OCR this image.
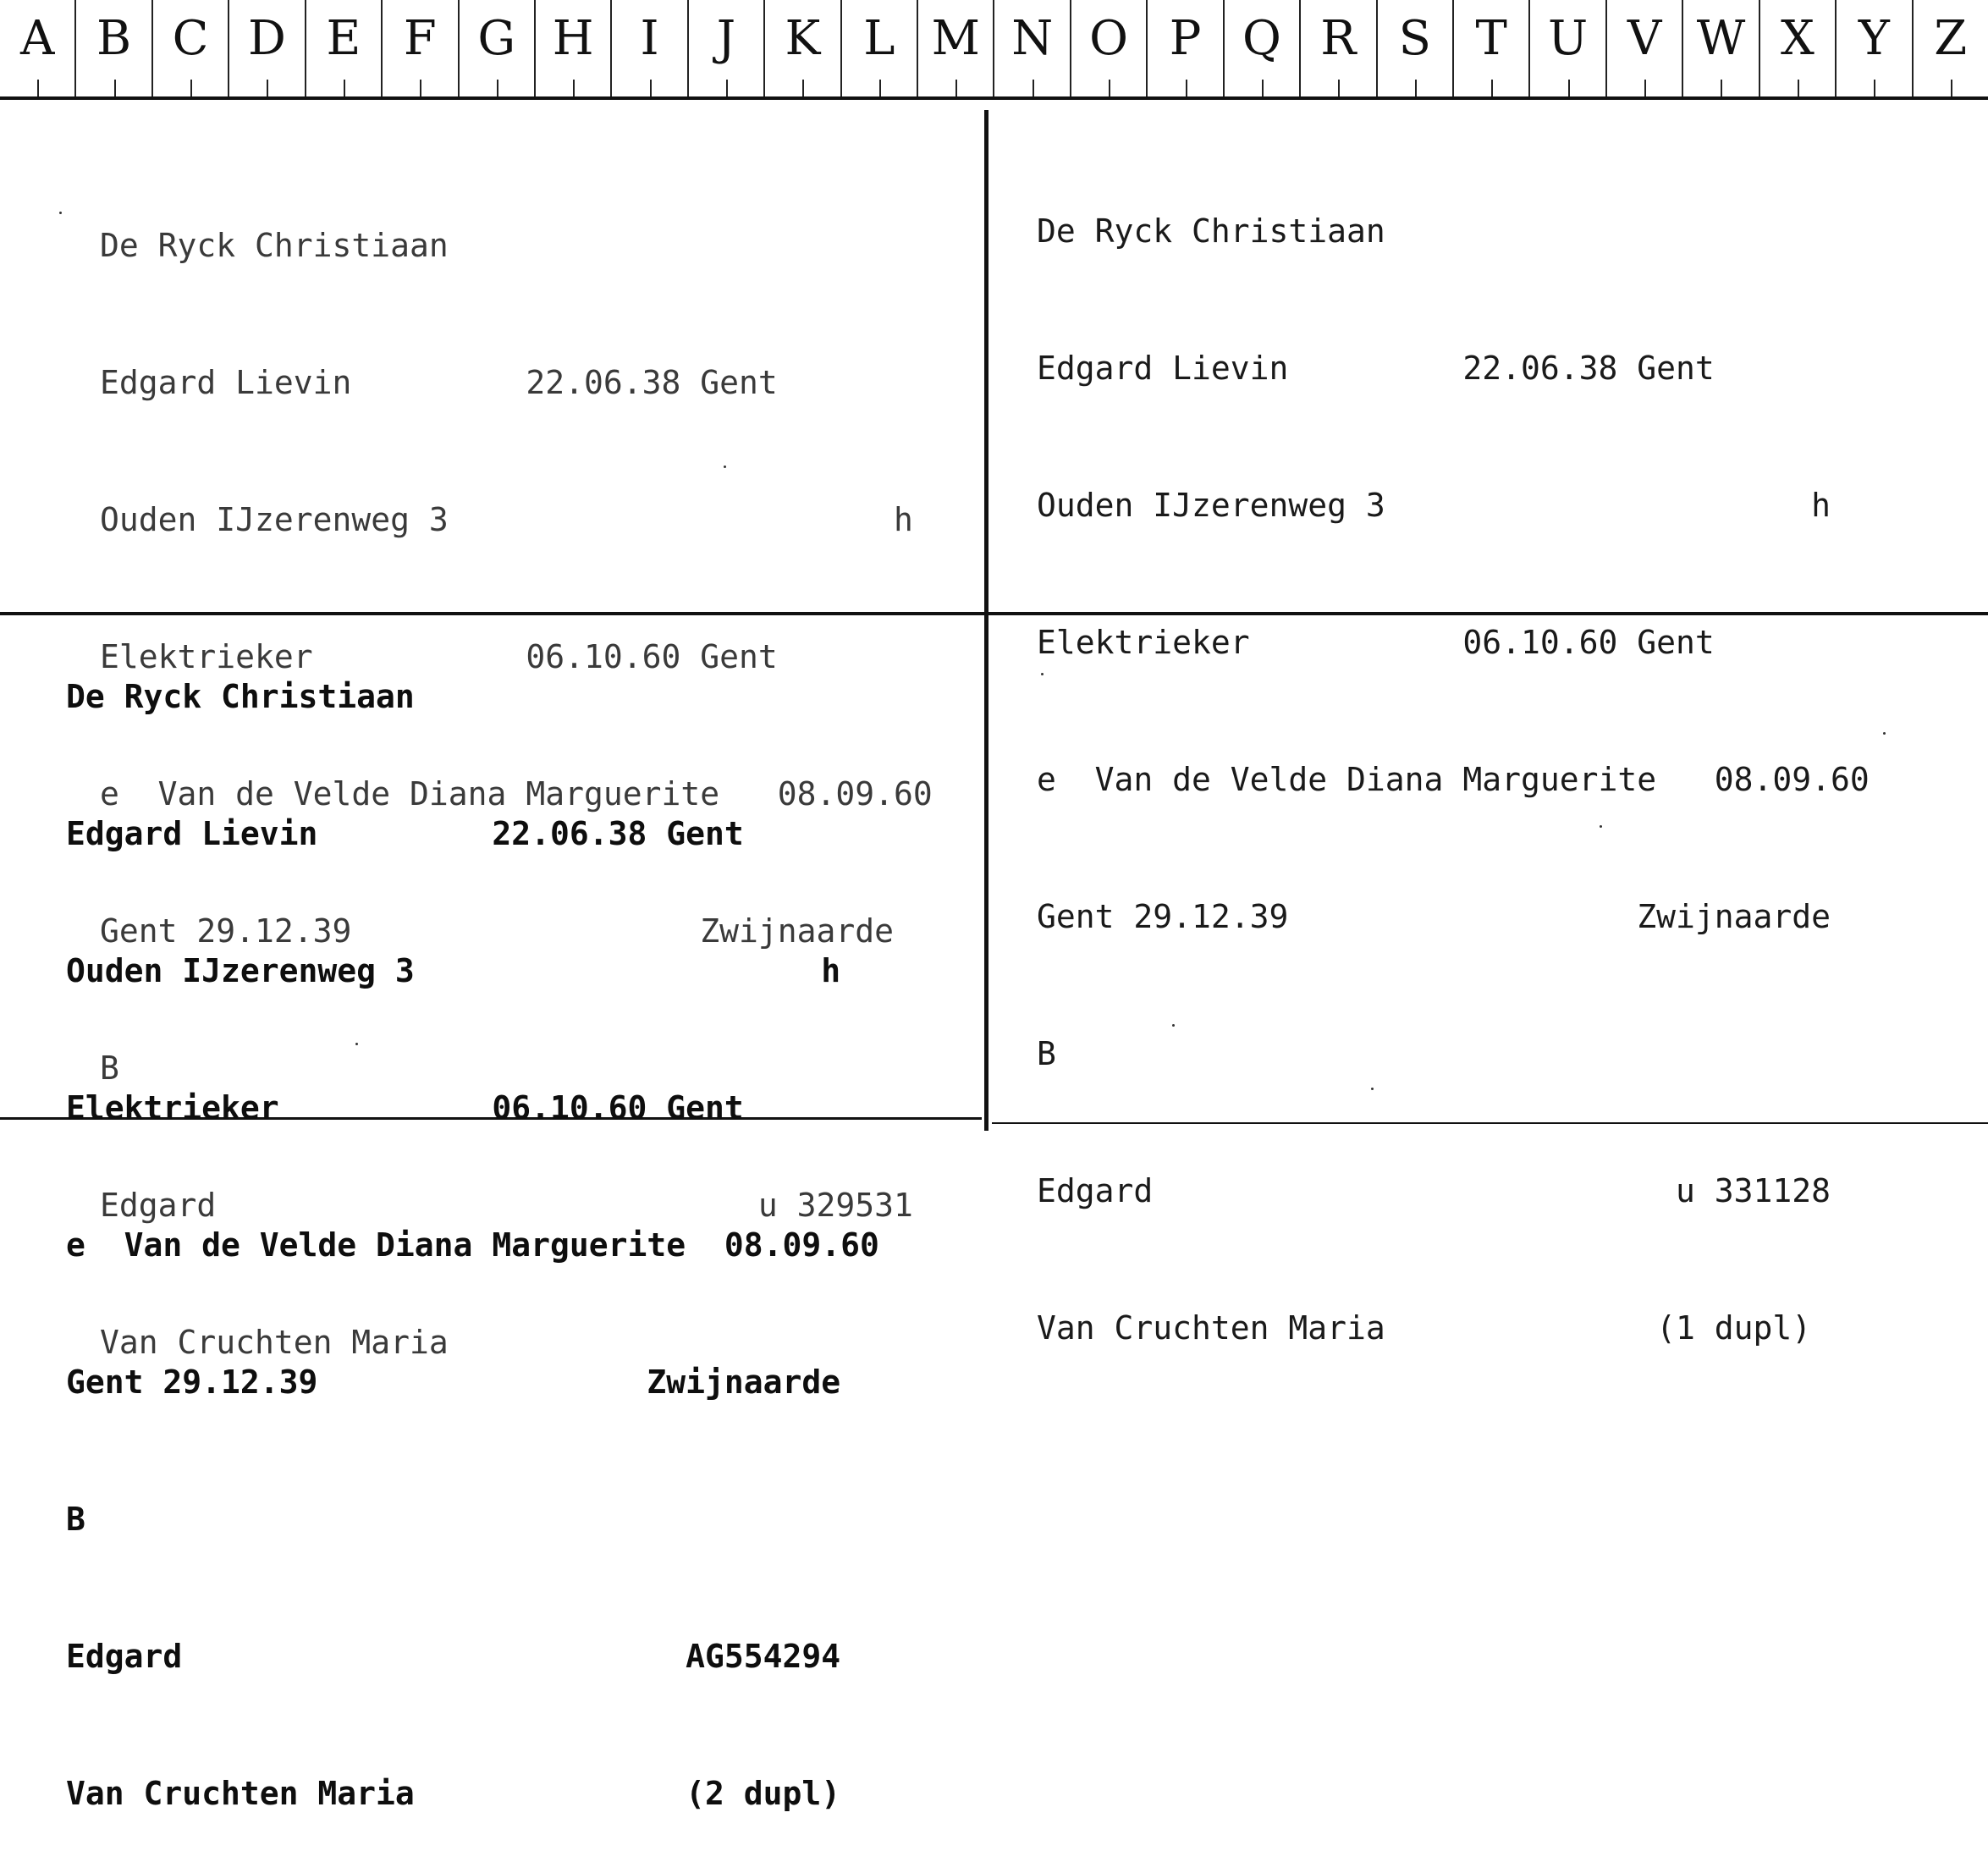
A B C D E F G H I	J	K L M N O P Q R S T U V W X Y Z

De Ryck Christiaan

Edgard Lievin         22.06.38 Gent

Ouden IJzerenweg 3                       h

Elektrieker           06.10.60 Gent

e  Van de Velde Diana Marguerite   08.09.60

Gent 29.12.39                  Zwijnaarde

B

Edgard                            u 329531

Van Cruchten Maria

De Ryck Christiaan

Edgard Lievin         22.06.38 Gent

Ouden IJzerenweg 3                      h

Elektrieker           06.10.60 Gent

e  Van de Velde Diana Marguerite   08.09.60

Gent 29.12.39                  Zwijnaarde

B

Edgard                           u 331128

Van Cruchten Maria              (1 dupl)

De Ryck Christiaan

Edgard Lievin         22.06.38 Gent

Ouden IJzerenweg 3                     h

Elektrieker           06.10.60 Gent

e  Van de Velde Diana Marguerite  08.09.60

Gent 29.12.39                 Zwijnaarde

B

Edgard                          AG554294

Van Cruchten Maria              (2 dupl)
